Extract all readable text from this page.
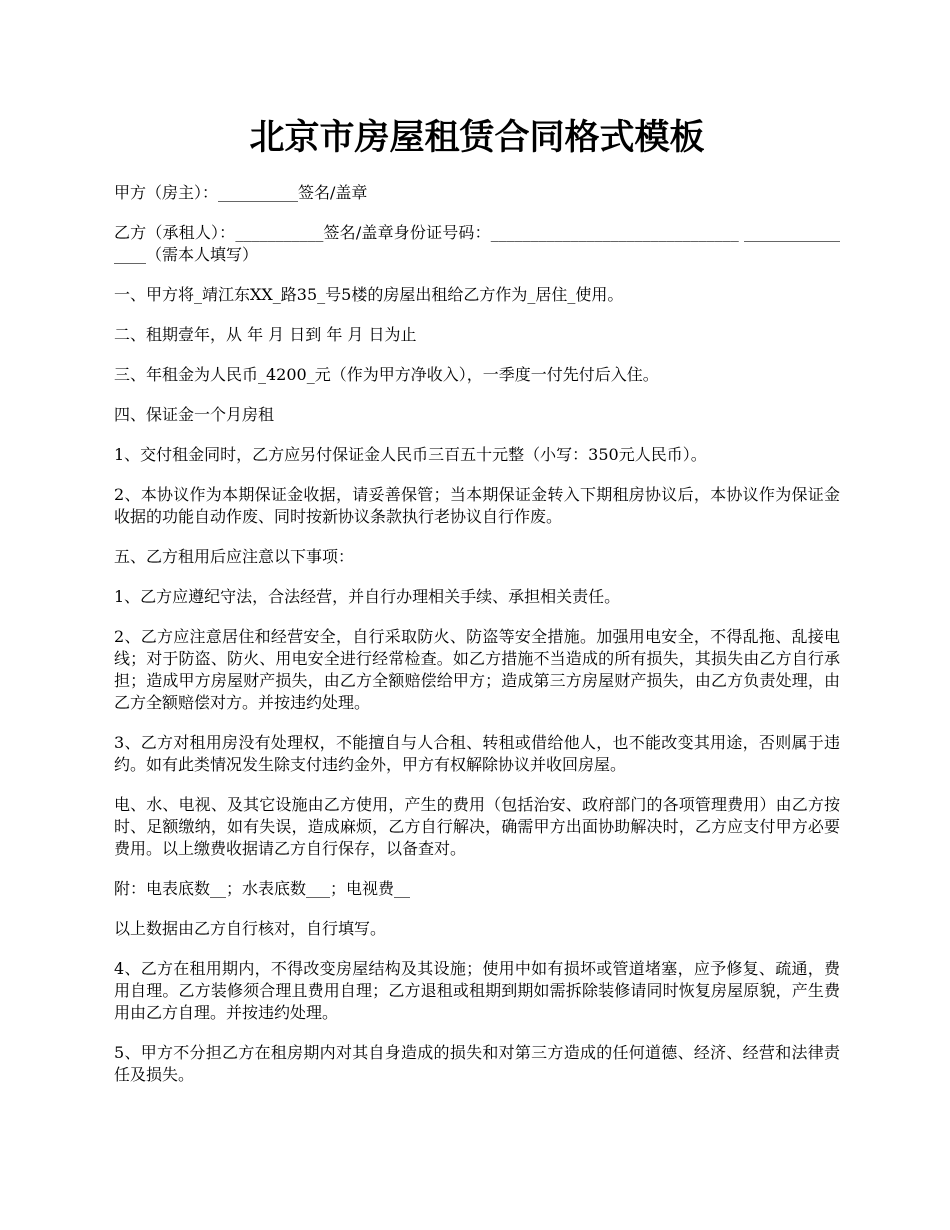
北京市房屋租赁合同格式模板
甲方（房主）：__________签名/盖章
乙方（承租人）：___________签名/盖章身份证号码：_______________________________ ________________（需本人填写）
一、甲方将_靖江东XX_路35_号5楼的房屋出租给乙方作为_居住_使用。
二、租期壹年，从 年 月 日到 年 月 日为止
三、年租金为人民币_4200_元（作为甲方净收入），一季度一付先付后入住。
四、保证金一个月房租
1、交付租金同时，乙方应另付保证金人民币三百五十元整（小写：350元人民币）。
2、本协议作为本期保证金收据，请妥善保管；当本期保证金转入下期租房协议后，本协议作为保证金收据的功能自动作废、同时按新协议条款执行老协议自行作废。
五、乙方租用后应注意以下事项：
1、乙方应遵纪守法，合法经营，并自行办理相关手续、承担相关责任。
2、乙方应注意居住和经营安全，自行采取防火、防盗等安全措施。加强用电安全，不得乱拖、乱接电线；对于防盗、防火、用电安全进行经常检查。如乙方措施不当造成的所有损失，其损失由乙方自行承担；造成甲方房屋财产损失，由乙方全额赔偿给甲方；造成第三方房屋财产损失，由乙方负责处理，由乙方全额赔偿对方。并按违约处理。
3、乙方对租用房没有处理权，不能擅自与人合租、转租或借给他人，也不能改变其用途，否则属于违约。如有此类情况发生除支付违约金外，甲方有权解除协议并收回房屋。
电、水、电视、及其它设施由乙方使用，产生的费用（包括治安、政府部门的各项管理费用）由乙方按时、足额缴纳，如有失误，造成麻烦，乙方自行解决，确需甲方出面协助解决时，乙方应支付甲方必要费用。以上缴费收据请乙方自行保存，以备查对。
附：电表底数__；水表底数___；电视费__
以上数据由乙方自行核对，自行填写。
4、乙方在租用期内，不得改变房屋结构及其设施；使用中如有损坏或管道堵塞，应予修复、疏通，费用自理。乙方装修须合理且费用自理；乙方退租或租期到期如需拆除装修请同时恢复房屋原貌，产生费用由乙方自理。并按违约处理。
5、甲方不分担乙方在租房期内对其自身造成的损失和对第三方造成的任何道德、经济、经营和法律责任及损失。
